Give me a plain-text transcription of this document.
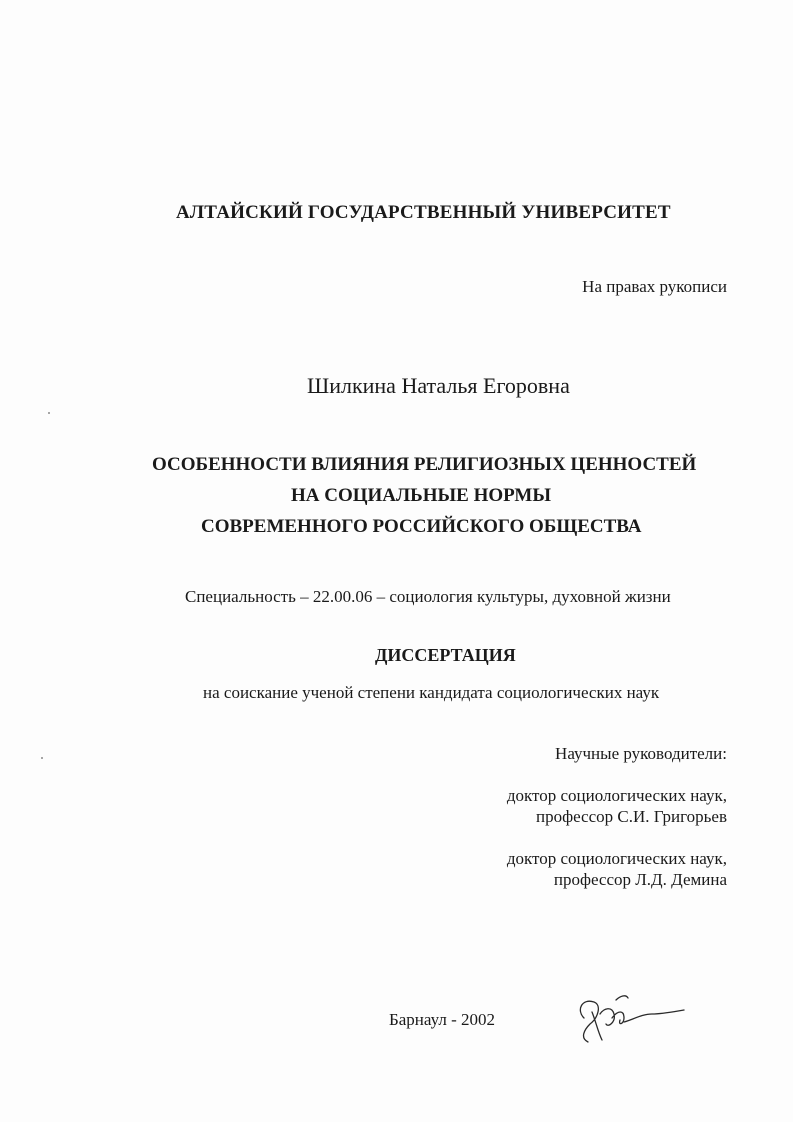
АЛТАЙСКИЙ ГОСУДАРСТВЕННЫЙ УНИВЕРСИТЕТ
На правах рукописи
Шилкина Наталья Егоровна
ОСОБЕННОСТИ ВЛИЯНИЯ РЕЛИГИОЗНЫХ ЦЕННОСТЕЙ
НА СОЦИАЛЬНЫЕ НОРМЫ
СОВРЕМЕННОГО РОССИЙСКОГО ОБЩЕСТВА
Специальность – 22.00.06 – социология культуры, духовной жизни
ДИССЕРТАЦИЯ
на соискание ученой степени кандидата социологических наук
Научные руководители:
доктор социологических наук,
профессор С.И. Григорьев
доктор социологических наук,
профессор Л.Д. Демина
Барнаул - 2002
